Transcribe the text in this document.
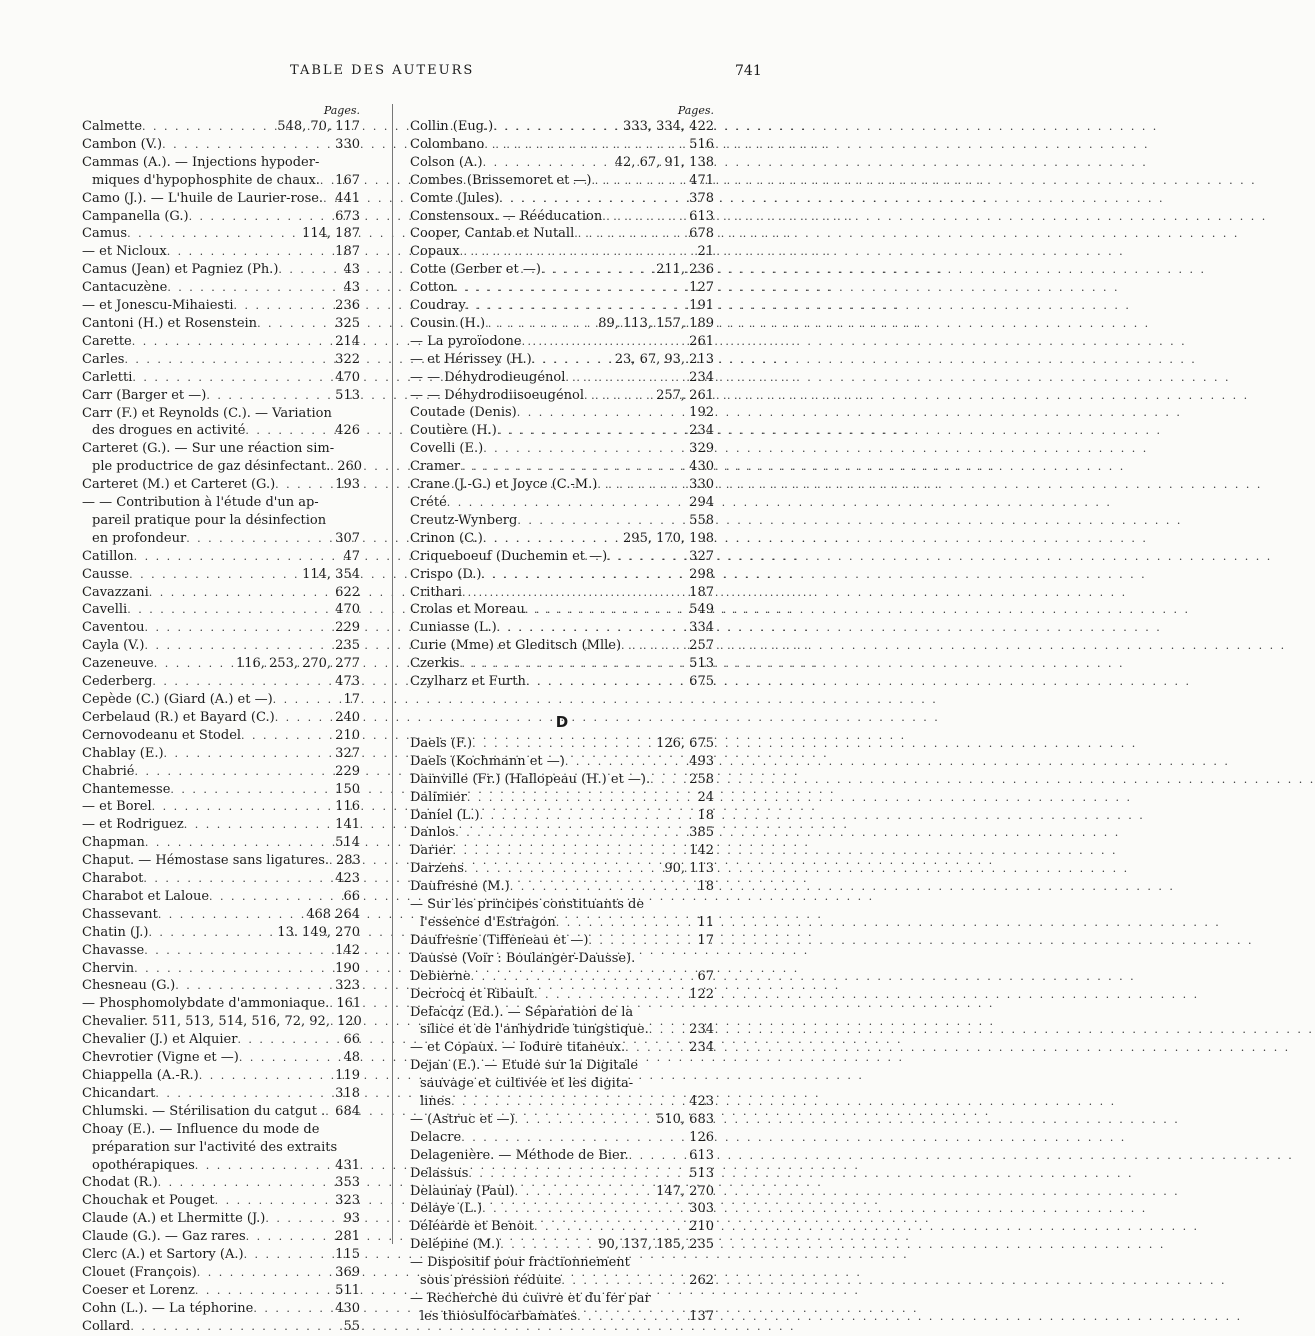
TABLE DES AUTEURS	741
Pages.
Calmette . . .	548, 70, 117
Cambon (V.) . . .	330
Cammas (A.). — Injections hypoder-
miques d'hypophosphite de chaux. . . . 167
Camo (J.). — L'huile de Laurier-rose. . . . 441
Campanella (G.) . . .	673
Camus . . .	114, 187
— et Nicloux . . .	187
Camus (Jean) et Pagniez (Ph.) . . .	43
Cantacuzène . . .	43
— et Jonescu-Mihaiesti . . .	236
Cantoni (H.) et Rosenstein . . .	325
Carette . . .	214
Carles . . .	322
Carletti . . .	470
Carr (Barger et —) . . .	513
Carr (F.) et Reynolds (C.). — Variation
des drogues en activité . . .	426
Carteret (G.). — Sur une réaction sim-
ple productrice de gaz désinfectant. . . . 260
Carteret (M.) et Carteret (G.) . . .	193
— — Contribution à l'étude d'un ap-
pareil pratique pour la désinfection
en profondeur . . .	307
Catillon . . .	47
Causse . . .	114, 354
Cavazzani . . .	622
Cavelli . . .	470
Caventou . . .	229
Cayla (V.) . . .	235
Cazeneuve . . .	116, 253, 270, 277
Cederberg . . .	473
Cepède (C.) (Giard (A.) et —) . . .	17
Cerbelaud (R.) et Bayard (C.) . . .	240
Cernovodeanu et Stodel . . .	210
Chablay (E.) . . .	327
Chabrié . . .	229
Chantemesse . . .	150
— et Borel . . .	116
— et Rodriguez . . .	141
Chapman . . .	514
Chaput. — Hémostase sans ligatures. . . . 283
Charabot . . .	423
Charabot et Laloue . . .	66
Chassevant . . .	468 264
Chatin (J.) . . .	13. 149, 270
Chavasse . . .	142
Chervin . . .	190
Chesneau (G.) . . .	323
— Phosphomolybdate d'ammoniaque. . . . 161
Chevalier. 511, 513, 514, 516, 72, 92, . . . 120
Chevalier (J.) et Alquier . . .	66
Chevrotier (Vigne et —) . . .	48
Chiappella (A.-R.) . . .	119
Chicandart . . .	318
Chlumski. — Stérilisation du catgut . . . . 684
Choay (E.). — Influence du mode de
préparation sur l'activité des extraits
opothérapiques . . .	431
Chodat (R.) . . .	353
Chouchak et Pouget . . .	323
Claude (A.) et Lhermitte (J.) . . .	93
Claude (G.). — Gaz rares . . .	281
Clerc (A.) et Sartory (A.) . . .	115
Clouet (François) . . .	369
Coeser et Lorenz . . .	511
Cohn (L.). — La téphorine . . .	430
Collard . . .	55
Pages.
Collin (Eug.) . . .	333, 334, 422
Colombano . . .	516
Colson (A.) . . .	42, 67, 91, 138
Combes (Brissemoret et —) . . .	471
Comte (Jules) . . .	378
Constensoux. — Rééducation . . .	613
Cooper, Cantab et Nutall . . .	678
Copaux . . .	21
Cotte (Gerber et —) . . .	211, 236
Cotton . . .	127
Coudray . . .	191
Cousin (H.) . . .	89, 113, 157, 189
— La pyroïodone . . .	261
— et Hérissey (H.) . . .	23, 67, 93, 213
— — Déhydrodieugénol . . .	234
— — Déhydrodiisoeugénol . . .	257, 261
Coutade (Denis) . . .	192
Coutière (H.) . . .	234
Covelli (E.) . . .	329
Cramer . . .	430
Crane (J.-G.) et Joyce (C.-M.) . . .	330
Crété . . .	294
Creutz-Wynberg . . .	558
Crinon (C.) . . .	295, 170, 198
Criqueboeuf (Duchemin et —) . . .	327
Crispo (D.) . . .	298
Crithari . . .	187
Crolas et Moreau . . .	549
Cuniasse (L.) . . .	334
Curie (Mme) et Gleditsch (Mlle) . . .	257
Czerkis . . .	513
Czylharz et Furth . . .	675
D
Daels (F.) . . .	126, 675
Daels (Kochmann et —) . . .	493
Dainville (Fr.) (Hallopeau (H.) et —). . . .	258
Dalimier . . .	24
Daniel (L.) . . .	18
Danlos . . .	385
Darier . . .	142
Darzens . . .	90, 113
Daufresne (M.) . . .	18
— Sur les principes constituants de
l'essence d'Estragon . . .	11
Daufresne (Tiffeneau et —) . . .	17
Dausse (Voir : Boulanger-Dausse).
Debierne . . .	67
Decrocq et Ribault . . .	122
Defacqz (Ed.). — Séparation de la
silice et de l'anhydride tungstique. . . .	234
— et Copaux. — Iodure titaneux. . . .	234
Dejan (E.). — Etude sur la Digitale
sauvage et cultivée et les digita-
lines . . .	423
— (Astruc et —) . . .	510, 683
Delacre . . .	126
Delagenière. — Méthode de Bier. . . .	613
Delassus . . .	513
Delaunay (Paul) . . .	147, 270
Delaye (L.) . . .	303
Déléarde et Benoit . . .	210
Delépine (M.) . . .	90, 137, 185, 235
— Dispositif pour fractionnement
sous pression réduite . . .	262
— Recherche du cuivre et du fer par
les thiosulfocarbamates . . .	137
